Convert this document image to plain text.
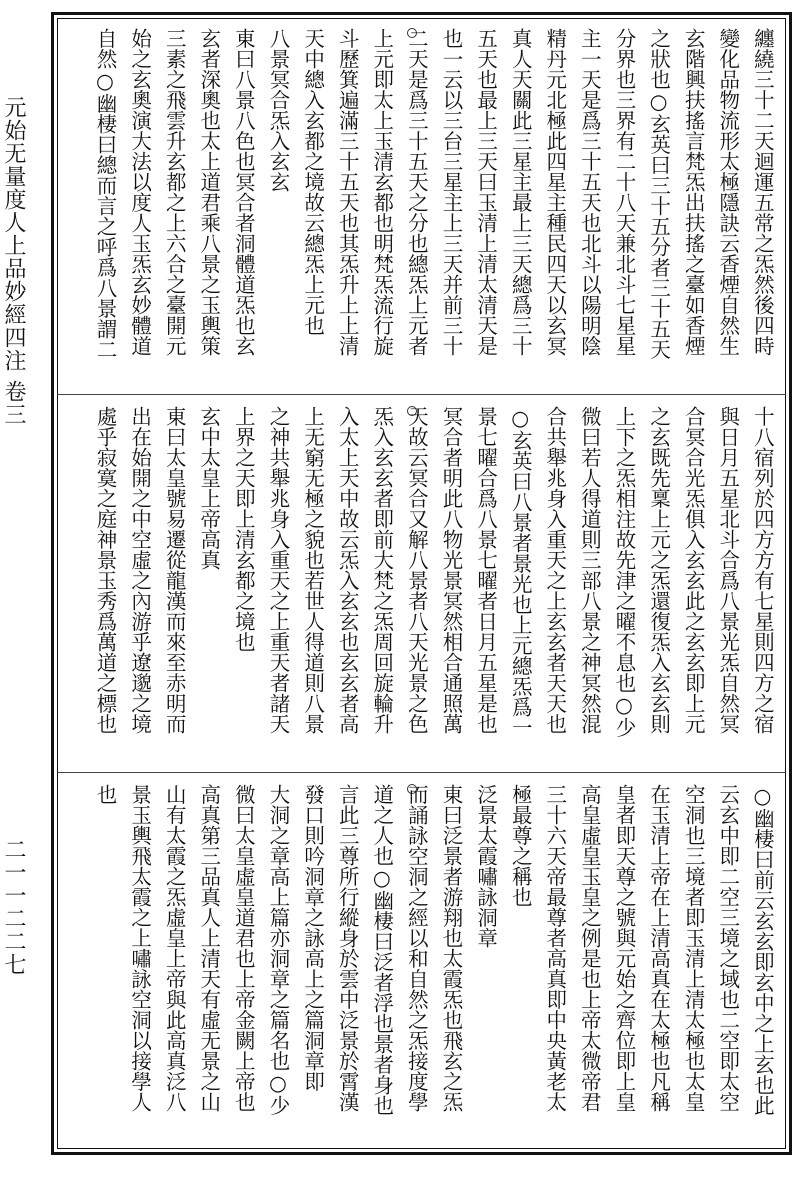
元始无量度人上品妙經四注 卷三
二一一二二七
纏繞三十二天迴運五常之炁然後四時
變化品物流形太極隱訣云香煙自然生
玄階興扶搖言梵炁出扶搖之臺如香煙
之狀也○玄英曰三十五分者三十五天
分界也三界有二十八天兼北斗七星星
主一天是爲三十五天也北斗以陽明陰
精丹元北極此四星主種民四天以玄冥
真人天關此三星主最上三天總爲三十
五天也最上三天曰玉清上清太清天是
也一云以三台三星主上三天并前三十
二天是爲三十五天之分也總炁上元者
上元即太上玉清玄都也明梵炁流行旋
斗歷箕遍滿三十五天也其炁升上上清
天中總入玄都之境故云總炁上元也
八景冥合炁入玄玄
東曰八景八色也冥合者洞體道炁也玄
玄者深奧也太上道君乘八景之玉輿策
三素之飛雲升玄都之上六合之臺開元
始之玄奧演大法以度人玉炁玄妙體道
自然○幽棲曰總而言之呼爲八景謂二
十八宿列於四方方有七星則四方之宿
與日月五星北斗合爲八景光炁自然冥
合冥合光炁俱入玄玄此之玄玄即上元
之玄既先稟上元之炁還復炁入玄玄則
上下之炁相注故先津之曜不息也○少
微曰若人得道則三部八景之神冥然混
合共舉兆身入重天之上玄玄者天天也
○玄英曰八景者景光也上元總炁爲一
景七曜合爲八景七曜者日月五星是也
冥合者明此八物光景冥然相合通照萬
天故云冥合又解八景者八天光景之色
炁入玄玄者即前大梵之炁周回旋輪升
入太上天中故云炁入玄玄也玄玄者高
上无窮无極之貌也若世人得道則八景
之神共舉兆身入重天之上重天者諸天
上界之天即上清玄都之境也
玄中太皇上帝高真
東曰太皇號易遷從龍漢而來至赤明而
出在始開之中空虛之內游乎遼邈之境
處乎寂寞之庭神景玉秀爲萬道之標也
○幽棲曰前云玄玄即玄中之上玄也此
云玄中即二空三境之域也二空即太空
空洞也三境者即玉清上清太極也太皇
在玉清上帝在上清高真在太極也凡稱
皇者即天尊之號與元始之齊位即上皇
高皇虛皇玉皇之例是也上帝太微帝君
三十六天帝最尊者高真即中央黃老太
極最尊之稱也
泛景太霞嘯詠洞章
東曰泛景者游翔也太霞炁也飛玄之炁
而誦詠空洞之經以和自然之炁接度學
道之人也○幽棲曰泛者浮也景者身也
言此三尊所行縱身於雲中泛景於霄漢
發口則吟洞章之詠高上之篇洞章即
大洞之章高上篇亦洞章之篇名也○少
微曰太皇虛皇道君也上帝金闕上帝也
高真第三品真人上清天有虛无景之山
山有太霞之炁虛皇上帝與此高真泛八
景玉輿飛太霞之上嘯詠空洞以接學人
也
